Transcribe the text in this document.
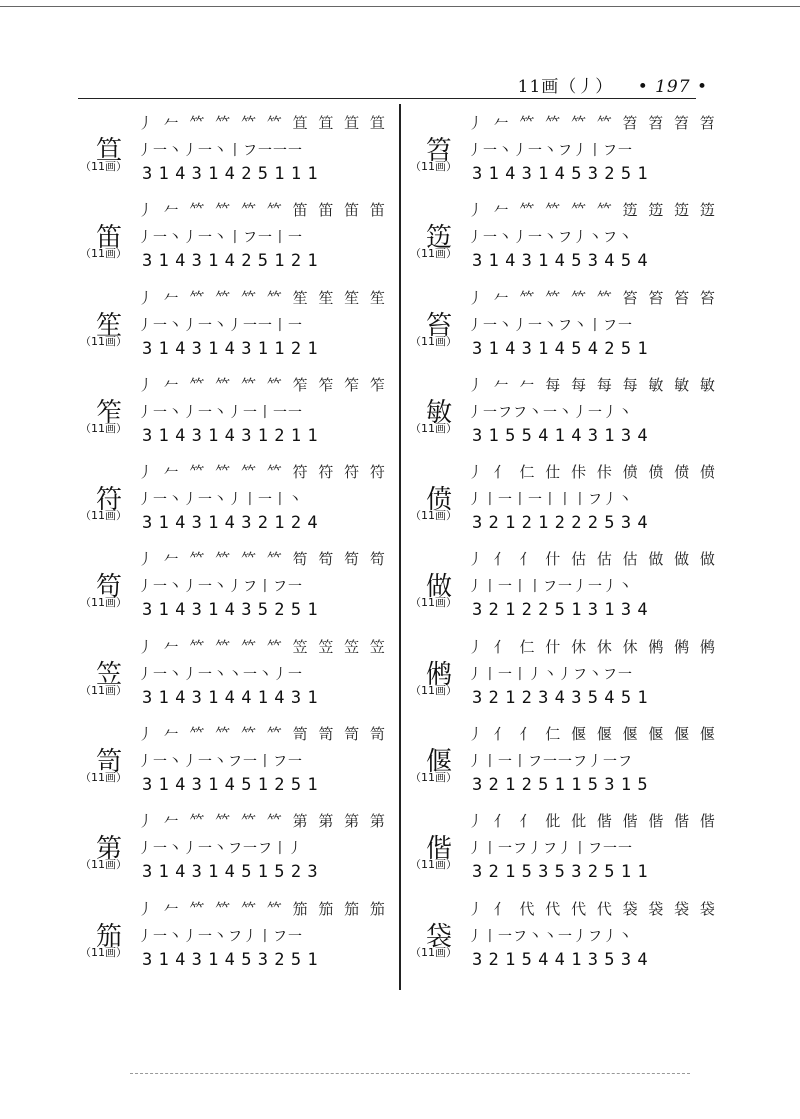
11画（丿） • 197 •
笪
（11画）
丿 𠂉 𥫗 𥫗 𥫗 𥫗 笪 笪 笪 笪
丿一丶丿一丶丨フ一一一
31431425111
笛
（11画）
丿 𠂉 𥫗 𥫗 𥫗 𥫗 笛 笛 笛 笛
丿一丶丿一丶丨フ一丨一
31431425121
笙
（11画）
丿 𠂉 𥫗 𥫗 𥫗 𥫗 笙 笙 笙 笙
丿一丶丿一丶丿一一丨一
31431431121
笮
（11画）
丿 𠂉 𥫗 𥫗 𥫗 𥫗 笮 笮 笮 笮
丿一丶丿一丶丿一丨一一
31431431211
符
（11画）
丿 𠂉 𥫗 𥫗 𥫗 𥫗 符 符 符 符
丿一丶丿一丶丿丨一丨丶
31431432124
笱
（11画）
丿 𠂉 𥫗 𥫗 𥫗 𥫗 笱 笱 笱 笱
丿一丶丿一丶丿フ丨フ一
31431435251
笠
（11画）
丿 𠂉 𥫗 𥫗 𥫗 𥫗 笠 笠 笠 笠
丿一丶丿一丶丶一丶丿一
31431441431
笥
（11画）
丿 𠂉 𥫗 𥫗 𥫗 𥫗 笥 笥 笥 笥
丿一丶丿一丶フ一丨フ一
31431451251
第
（11画）
丿 𠂉 𥫗 𥫗 𥫗 𥫗 第 第 第 第
丿一丶丿一丶フ一フ丨丿
31431451523
笳
（11画）
丿 𠂉 𥫗 𥫗 𥫗 𥫗 笳 笳 笳 笳
丿一丶丿一丶フ丿丨フ一
31431453251
笤
（11画）
丿 𠂉 𥫗 𥫗 𥫗 𥫗 笤 笤 笤 笤
丿一丶丿一丶フ丿丨フ一
31431453251
笾
（11画）
丿 𠂉 𥫗 𥫗 𥫗 𥫗 笾 笾 笾 笾
丿一丶丿一丶フ丿丶フ丶
31431453454
笞
（11画）
丿 𠂉 𥫗 𥫗 𥫗 𥫗 笞 笞 笞 笞
丿一丶丿一丶フ丶丨フ一
31431454251
敏
（11画）
丿 𠂉 𠂉 每 每 每 每 敏 敏 敏
丿一フフ丶一丶丿一丿丶
31554143134
偾
（11画）
丿 亻 仁 仕 佧 佧 偾 偾 偾 偾
丿丨一丨一丨丨丨フ丿丶
32121222534
做
（11画）
丿 亻 亻 什 估 估 估 做 做 做
丿丨一丨丨フ一丿一丿丶
32122513134
鸺
（11画）
丿 亻 仁 什 休 休 休 鸺 鸺 鸺
丿丨一丨丿丶丿フ丶フ一
32123435451
偃
（11画）
丿 亻 亻 仁 偃 偃 偃 偃 偃 偃
丿丨一丨フ一一フ丿一フ
32125115315
偕
（11画）
丿 亻 亻 仳 仳 偕 偕 偕 偕 偕
丿丨一フ丿フ丿丨フ一一
32153532511
袋
（11画）
丿 亻 代 代 代 代 袋 袋 袋 袋
丿丨一フ丶丶一丿フ丿丶
32154413534
